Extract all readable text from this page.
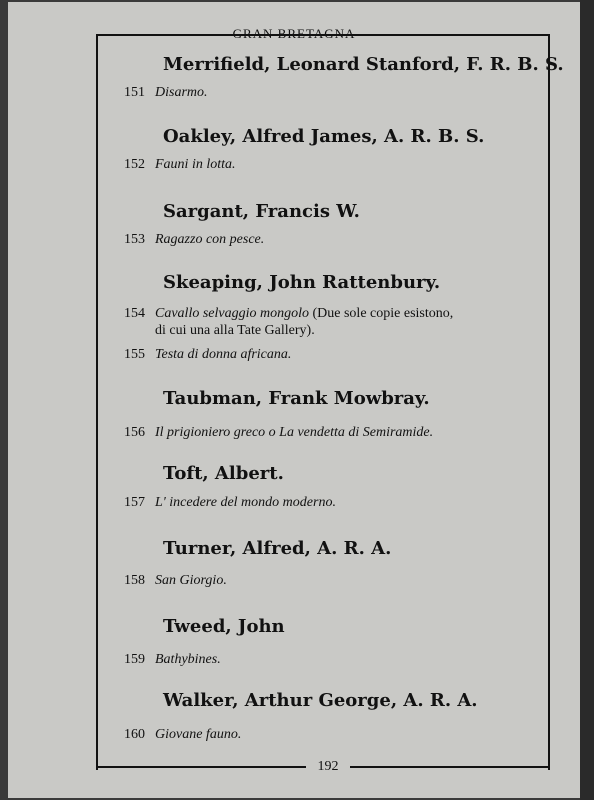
GRAN BRETAGNA
192
Merrifield, Leonard Stanford, F. R. B. S.
151 Disarmo.
Oakley, Alfred James, A. R. B. S.
152 Fauni in lotta.
Sargant, Francis W.
153 Ragazzo con pesce.
Skeaping, John Rattenbury.
154 Cavallo selvaggio mongolo (Due sole copie esistono,
di cui una alla Tate Gallery).
155 Testa di donna africana.
Taubman, Frank Mowbray.
156 Il prigioniero greco o La vendetta di Semiramide.
Toft, Albert.
157 L' incedere del mondo moderno.
Turner, Alfred, A. R. A.
158 San Giorgio.
Tweed, John
159 Bathybines.
Walker, Arthur George, A. R. A.
160 Giovane fauno.
